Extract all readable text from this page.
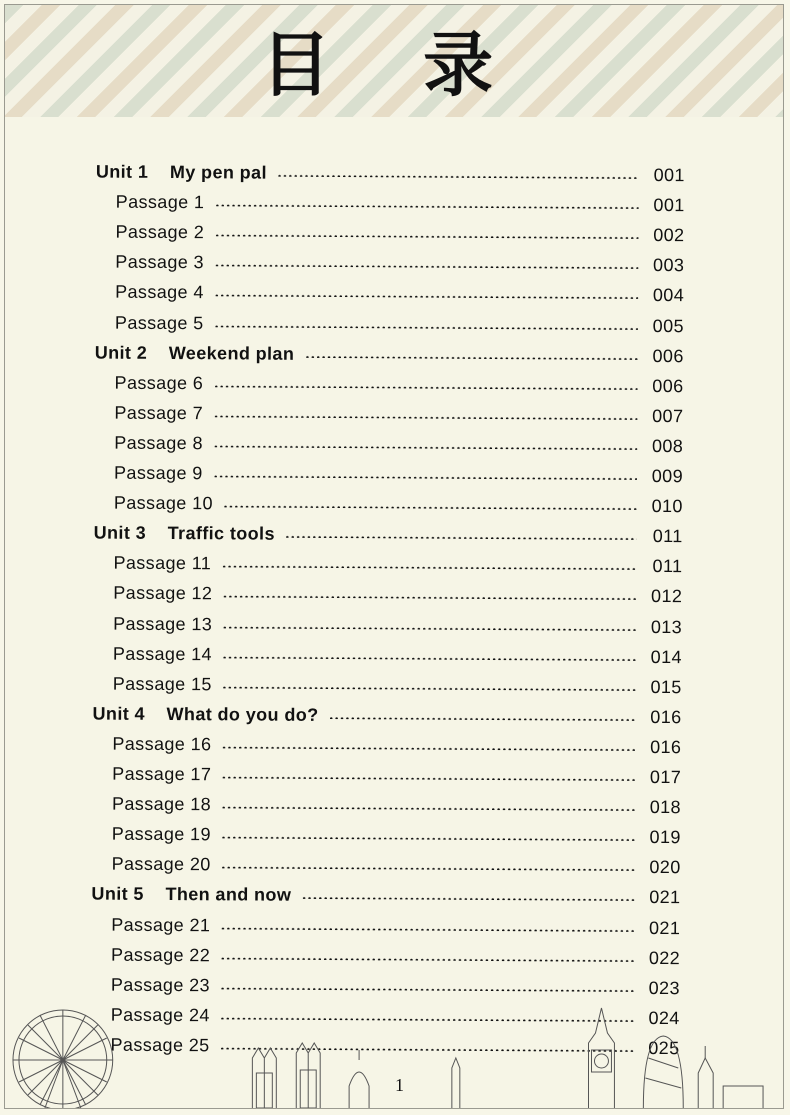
目 录
Unit 1    My pen pal	001
Passage 1	001
Passage 2	002
Passage 3	003
Passage 4	004
Passage 5	005
Unit 2    Weekend plan	006
Passage 6	006
Passage 7	007
Passage 8	008
Passage 9	009
Passage 10	010
Unit 3    Traffic tools	011
Passage 11	011
Passage 12	012
Passage 13	013
Passage 14	014
Passage 15	015
Unit 4    What do you do?	016
Passage 16	016
Passage 17	017
Passage 18	018
Passage 19	019
Passage 20	020
Unit 5    Then and now	021
Passage 21	021
Passage 22	022
Passage 23	023
Passage 24	024
Passage 25	025
1
